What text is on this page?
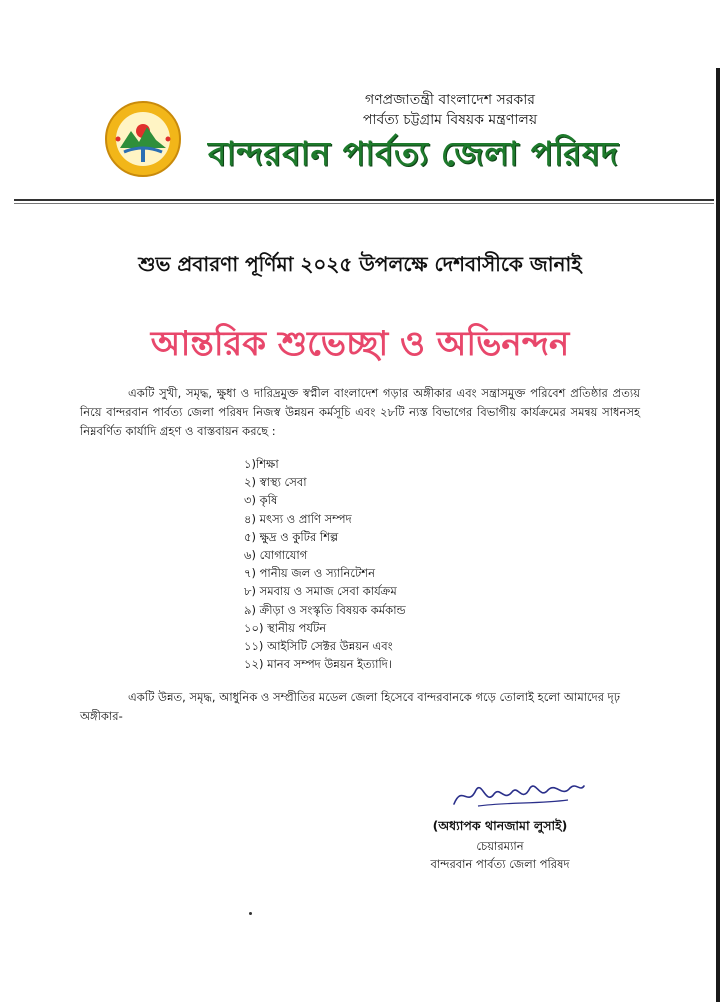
গণপ্রজাতন্ত্রী বাংলাদেশ সরকার
পার্বত্য চট্টগ্রাম বিষয়ক মন্ত্রণালয়
বান্দরবান পার্বত্য জেলা পরিষদ
শুভ প্রবারণা পূর্ণিমা ২০২৫ উপলক্ষে দেশবাসীকে জানাই
আন্তরিক শুভেচ্ছা ও অভিনন্দন
একটি সুখী, সমৃদ্ধ, ক্ষুধা ও দারিদ্রমুক্ত স্বপ্নীল বাংলাদেশ গড়ার অঙ্গীকার এবং সন্ত্রাসমুক্ত পরিবেশ প্রতিষ্ঠার প্রত্যয় নিয়ে বান্দরবান পার্বত্য জেলা পরিষদ নিজস্ব উন্নয়ন কর্মসূচি এবং ২৮টি ন্যস্ত বিভাগের বিভাগীয় কার্যক্রমের সমন্বয় সাধনসহ নিম্নবর্ণিত কার্যাদি গ্রহণ ও বাস্তবায়ন করছে :
১)শিক্ষা
২) স্বাস্থ্য সেবা
৩) কৃষি
৪) মৎস্য ও প্রাণি সম্পদ
৫) ক্ষুদ্র ও কুটির শিল্প
৬) যোগাযোগ
৭) পানীয় জল ও স্যানিটেশন
৮) সমবায় ও সমাজ সেবা কার্যক্রম
৯) ক্রীড়া ও সংস্কৃতি বিষয়ক কর্মকান্ড
১০) স্থানীয় পর্যটন
১১) আইসিটি সেক্টর উন্নয়ন এবং
১২) মানব সম্পদ উন্নয়ন ইত্যাদি।
একটি উন্নত, সমৃদ্ধ, আধুনিক ও সম্প্রীতির মডেল জেলা হিসেবে বান্দরবানকে গড়ে তোলাই হলো আমাদের দৃঢ় অঙ্গীকার-
(অধ্যাপক থানজামা লুসাই)
চেয়ারম্যান
বান্দরবান পার্বত্য জেলা পরিষদ
